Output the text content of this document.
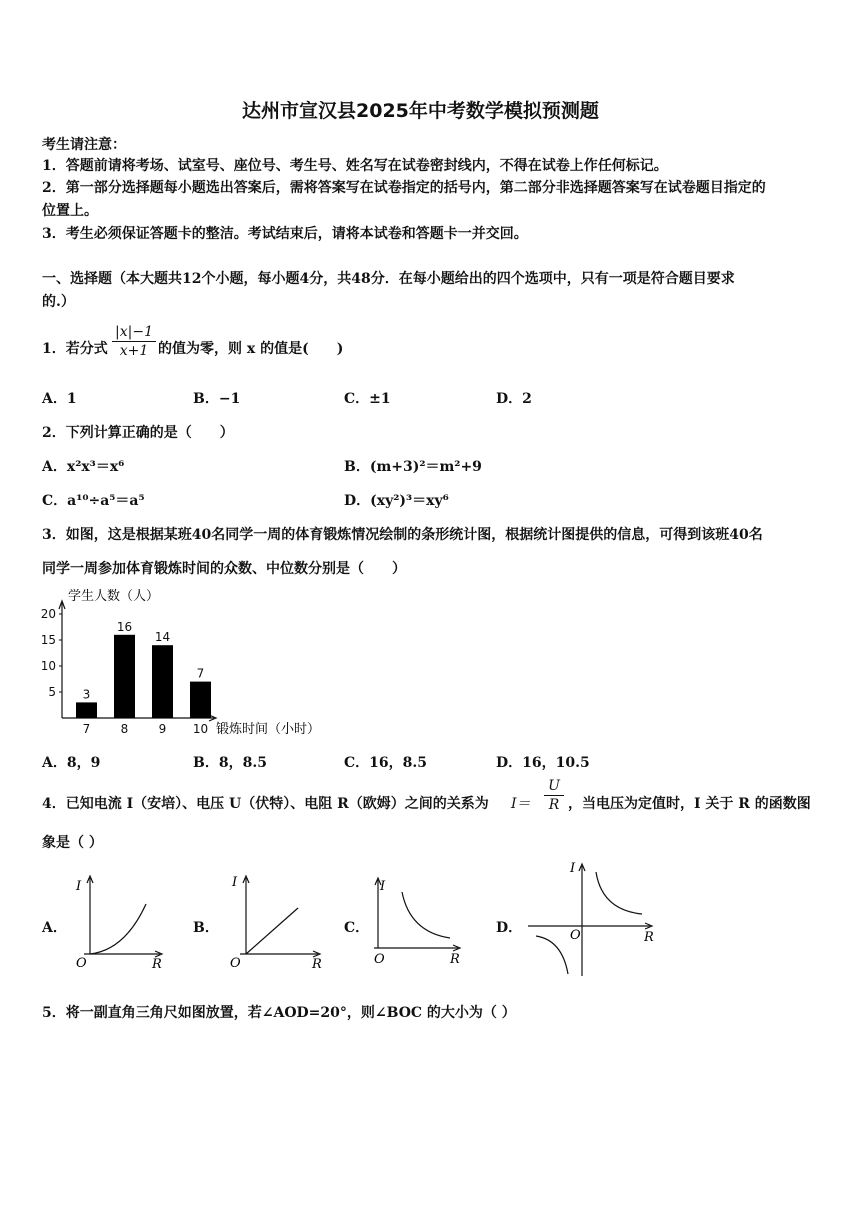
达州市宣汉县2025年中考数学模拟预测题
考生请注意：
1．答题前请将考场、试室号、座位号、考生号、姓名写在试卷密封线内，不得在试卷上作任何标记。
2．第一部分选择题每小题选出答案后，需将答案写在试卷指定的括号内，第二部分非选择题答案写在试卷题目指定的
位置上。
3．考生必须保证答题卡的整洁。考试结束后，请将本试卷和答题卡一并交回。
一、选择题（本大题共12个小题，每小题4分，共48分．在每小题给出的四个选项中，只有一项是符合题目要求
的.）
1．若分式 $\frac{|x|-1}{x+1}$ 的值为零，则 x 的值是(　　)
A．1	B．−1	C．±1	D．2
2．下列计算正确的是（　　）
A．x²x³＝x⁶	B．(m+3)²＝m²+9
C．a¹⁰÷a⁵＝a⁵	D．(xy²)³＝xy⁶
3．如图，这是根据某班40名同学一周的体育锻炼情况绘制的条形统计图，根据统计图提供的信息，可得到该班40名
同学一周参加体育锻炼时间的众数、中位数分别是（　　）
学生人数（人）
锻炼时间（小时）
5
10
15
20
3
7
16
8
14
9
7
10
A．8，9	B．8，8.5	C．16，8.5	D．16，10.5
4．已知电流 I（安培）、电压 U（伏特）、电阻 R（欧姆）之间的关系为 $I= \frac{U}{R}$ ，当电压为定值时，I 关于 R 的函数图
象是（ ）
A．	B．	C．	D．
I
R
O
I
R
O
I
R
O
I
R
O
5．将一副直角三角尺如图放置，若∠AOD=20°，则∠BOC 的大小为（ ）
